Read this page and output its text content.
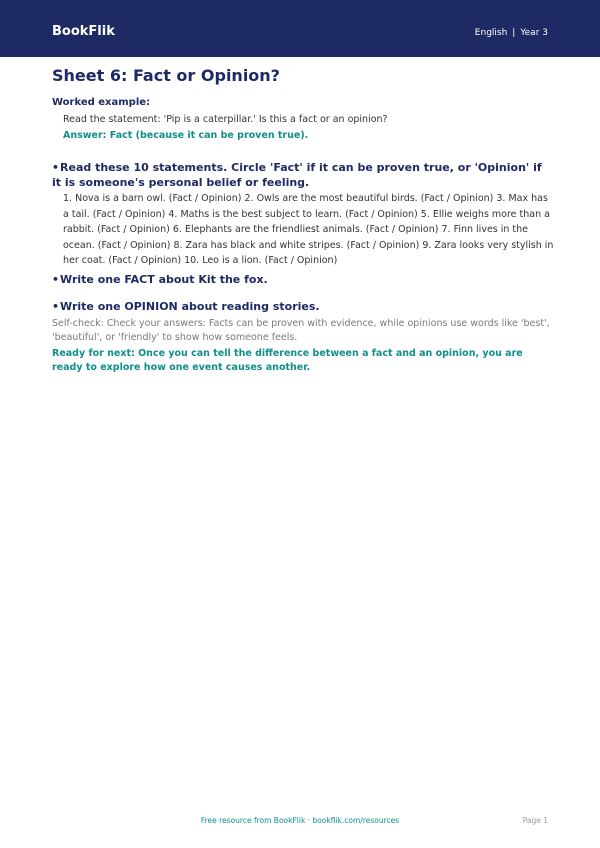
BookFlik	English | Year 3
Sheet 6: Fact or Opinion?
Worked example:
Read the statement: 'Pip is a caterpillar.' Is this a fact or an opinion?
Answer: Fact (because it can be proven true).

•Read these 10 statements. Circle 'Fact' if it can be proven true, or 'Opinion' if it is someone's personal belief or feeling.

1. Nova is a barn owl. (Fact / Opinion) 2. Owls are the most beautiful birds. (Fact / Opinion) 3. Max has a tail. (Fact / Opinion) 4. Maths is the best subject to learn. (Fact / Opinion) 5. Ellie weighs more than a rabbit. (Fact / Opinion) 6. Elephants are the friendliest animals. (Fact / Opinion) 7. Finn lives in the ocean. (Fact / Opinion) 8. Zara has black and white stripes. (Fact / Opinion) 9. Zara looks very stylish in her coat. (Fact / Opinion) 10. Leo is a lion. (Fact / Opinion)

•Write one FACT about Kit the fox.

•Write one OPINION about reading stories.

Self-check: Check your answers: Facts can be proven with evidence, while opinions use words like 'best', 'beautiful', or 'friendly' to show how someone feels.
Ready for next: Once you can tell the difference between a fact and an opinion, you are ready to explore how one event causes another.
Free resource from BookFlik · bookflik.com/resources	Page 1
